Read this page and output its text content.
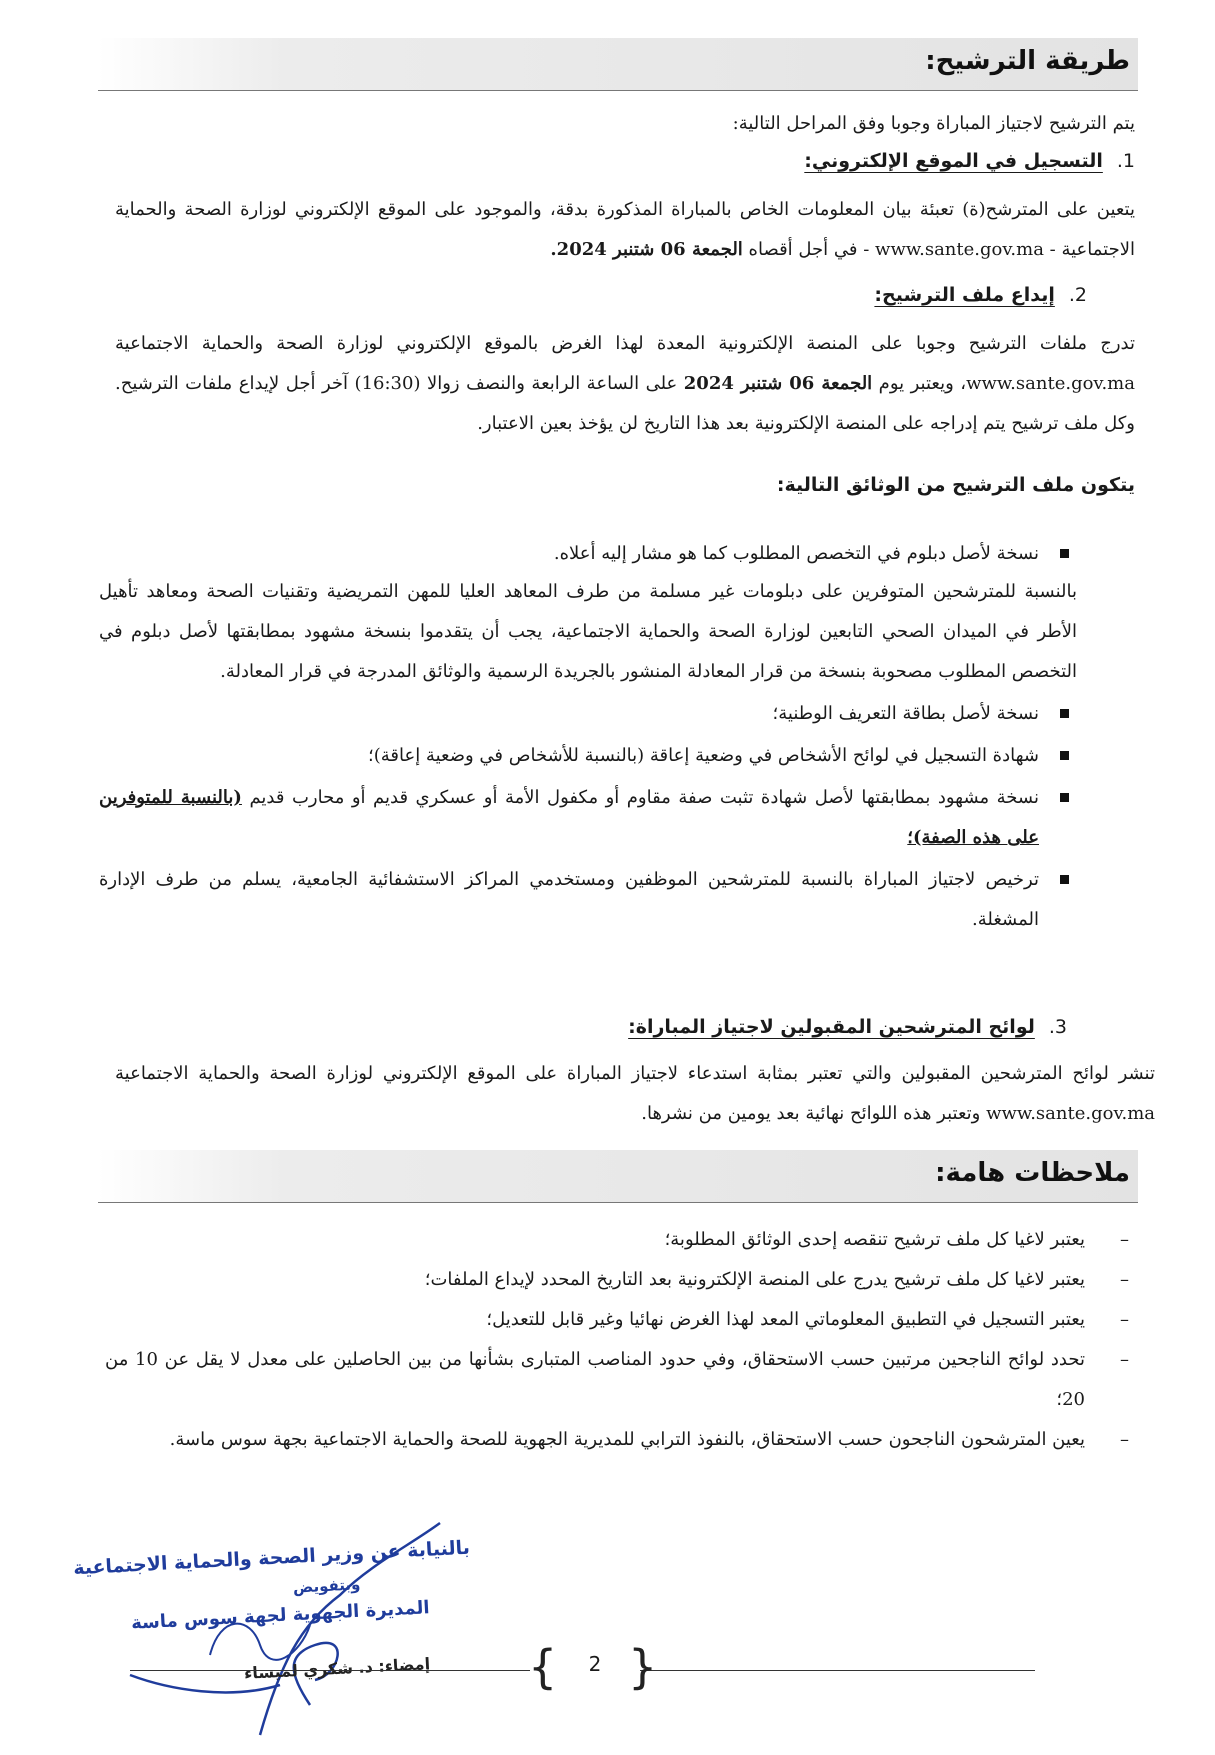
طريقة الترشيح:
يتم الترشيح لاجتياز المباراة وجوبا وفق المراحل التالية:
1.التسجيل في الموقع الإلكتروني:
يتعين على المترشح(ة) تعبئة بيان المعلومات الخاص بالمباراة المذكورة بدقة، والموجود على الموقع الإلكتروني لوزارة الصحة والحماية الاجتماعية - www.sante.gov.ma - في أجل أقصاه الجمعة 06 شتنبر 2024.
2.إيداع ملف الترشيح:
تدرج ملفات الترشيح وجوبا على المنصة الإلكترونية المعدة لهذا الغرض بالموقع الإلكتروني لوزارة الصحة والحماية الاجتماعية www.sante.gov.ma، ويعتبر يوم الجمعة 06 شتنبر 2024 على الساعة الرابعة والنصف زوالا (16:30) آخر أجل لإيداع ملفات الترشيح. وكل ملف ترشيح يتم إدراجه على المنصة الإلكترونية بعد هذا التاريخ لن يؤخذ بعين الاعتبار.
يتكون ملف الترشيح من الوثائق التالية:
نسخة لأصل دبلوم في التخصص المطلوب كما هو مشار إليه أعلاه.
بالنسبة للمترشحين المتوفرين على دبلومات غير مسلمة من طرف المعاهد العليا للمهن التمريضية وتقنيات الصحة ومعاهد تأهيل الأطر في الميدان الصحي التابعين لوزارة الصحة والحماية الاجتماعية، يجب أن يتقدموا بنسخة مشهود بمطابقتها لأصل دبلوم في التخصص المطلوب مصحوبة بنسخة من قرار المعادلة المنشور بالجريدة الرسمية والوثائق المدرجة في قرار المعادلة.
نسخة لأصل بطاقة التعريف الوطنية؛
شهادة التسجيل في لوائح الأشخاص في وضعية إعاقة (بالنسبة للأشخاص في وضعية إعاقة)؛
نسخة مشهود بمطابقتها لأصل شهادة تثبت صفة مقاوم أو مكفول الأمة أو عسكري قديم أو محارب قديم (بالنسبة للمتوفرين على هذه الصفة)؛
ترخيص لاجتياز المباراة بالنسبة للمترشحين الموظفين ومستخدمي المراكز الاستشفائية الجامعية، يسلم من طرف الإدارة المشغلة.
3.لوائح المترشحين المقبولين لاجتياز المباراة:
تنشر لوائح المترشحين المقبولين والتي تعتبر بمثابة استدعاء لاجتياز المباراة على الموقع الإلكتروني لوزارة الصحة والحماية الاجتماعية www.sante.gov.ma وتعتبر هذه اللوائح نهائية بعد يومين من نشرها.
ملاحظات هامة:
–
يعتبر لاغيا كل ملف ترشيح تنقصه إحدى الوثائق المطلوبة؛
–
يعتبر لاغيا كل ملف ترشيح يدرج على المنصة الإلكترونية بعد التاريخ المحدد لإيداع الملفات؛
–
يعتبر التسجيل في التطبيق المعلوماتي المعد لهذا الغرض نهائيا وغير قابل للتعديل؛
–
تحدد لوائح الناجحين مرتبين حسب الاستحقاق، وفي حدود المناصب المتبارى بشأنها من بين الحاصلين على معدل لا يقل عن 10 من 20؛
–
يعين المترشحون الناجحون حسب الاستحقاق، بالنفوذ الترابي للمديرية الجهوية للصحة والحماية الاجتماعية بجهة سوس ماسة.
بالنيابة عن وزير الصحة والحماية الاجتماعية
وبتفويض
المديرة الجهوية لجهة سوس ماسة
إمضاء: د. شكري لميساء { }
2
